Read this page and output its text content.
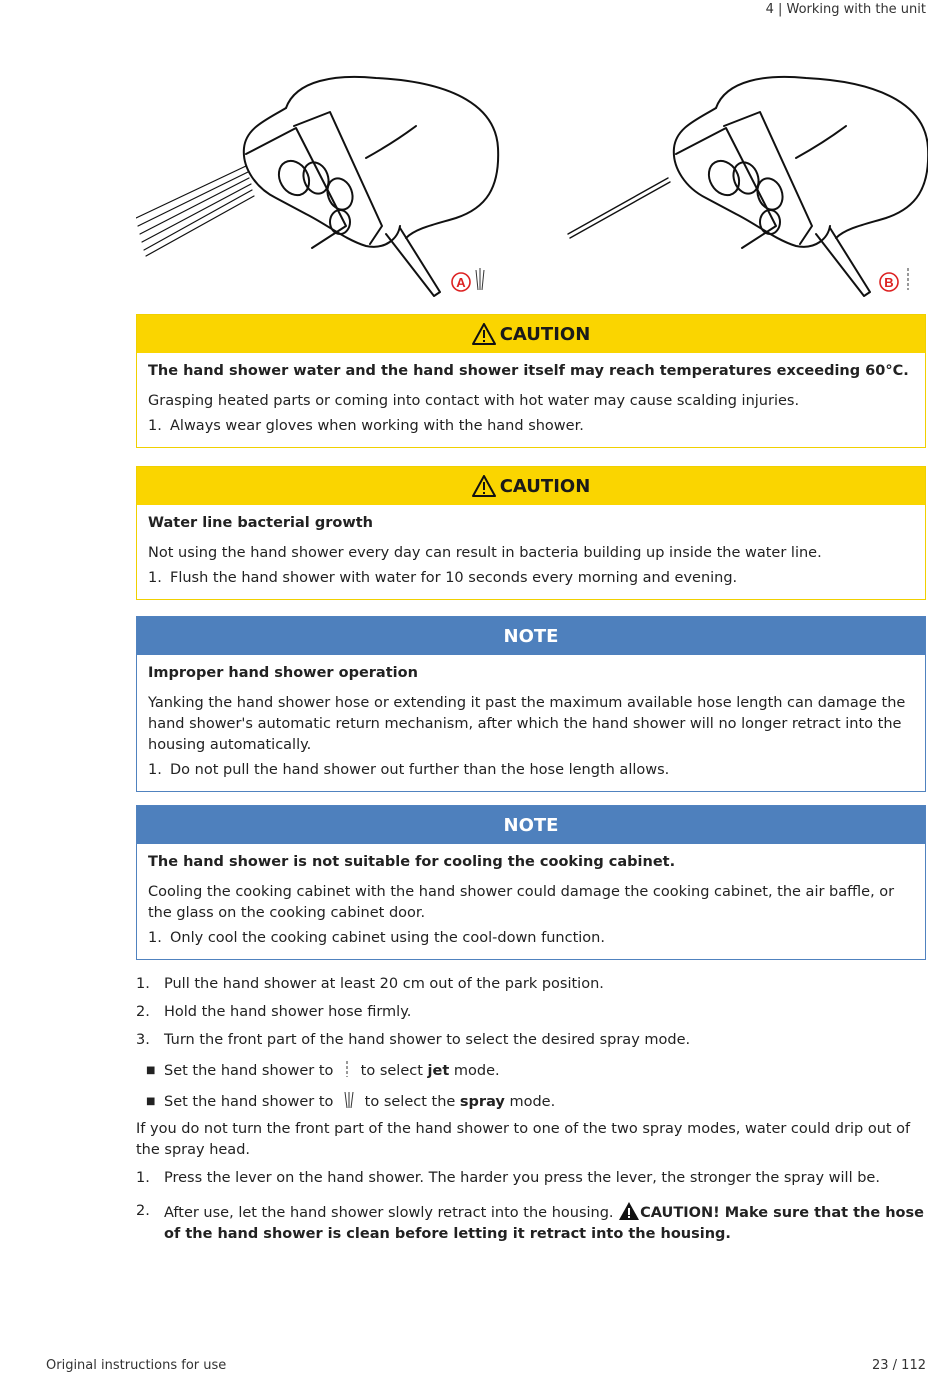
4 | Working with the unit
A	B
CAUTION
The hand shower water and the hand shower itself may reach temperatures exceeding 60°C.
Grasping heated parts or coming into contact with hot water may cause scalding injuries.
1. Always wear gloves when working with the hand shower.
CAUTION
Water line bacterial growth
Not using the hand shower every day can result in bacteria building up inside the water line.
1. Flush the hand shower with water for 10 seconds every morning and evening.
NOTE
Improper hand shower operation
Yanking the hand shower hose or extending it past the maximum available hose length can damage the hand shower's automatic return mechanism, after which the hand shower will no longer retract into the housing automatically.
1. Do not pull the hand shower out further than the hose length allows.
NOTE
The hand shower is not suitable for cooling the cooking cabinet.
Cooling the cooking cabinet with the hand shower could damage the cooking cabinet, the air baffle, or the glass on the cooking cabinet door.
1. Only cool the cooking cabinet using the cool-down function.
1. Pull the hand shower at least 20 cm out of the park position.
2. Hold the hand shower hose firmly.
3. Turn the front part of the hand shower to select the desired spray mode.
■ Set the hand shower to to select jet mode.
■ Set the hand shower to to select the spray mode.
If you do not turn the front part of the hand shower to one of the two spray modes, water could drip out of the spray head.
1. Press the lever on the hand shower. The harder you press the lever, the stronger the spray will be.
2. After use, let the hand shower slowly retract into the housing. CAUTION! Make sure that the hose of the hand shower is clean before letting it retract into the housing.
Original instructions for use	23 / 112
